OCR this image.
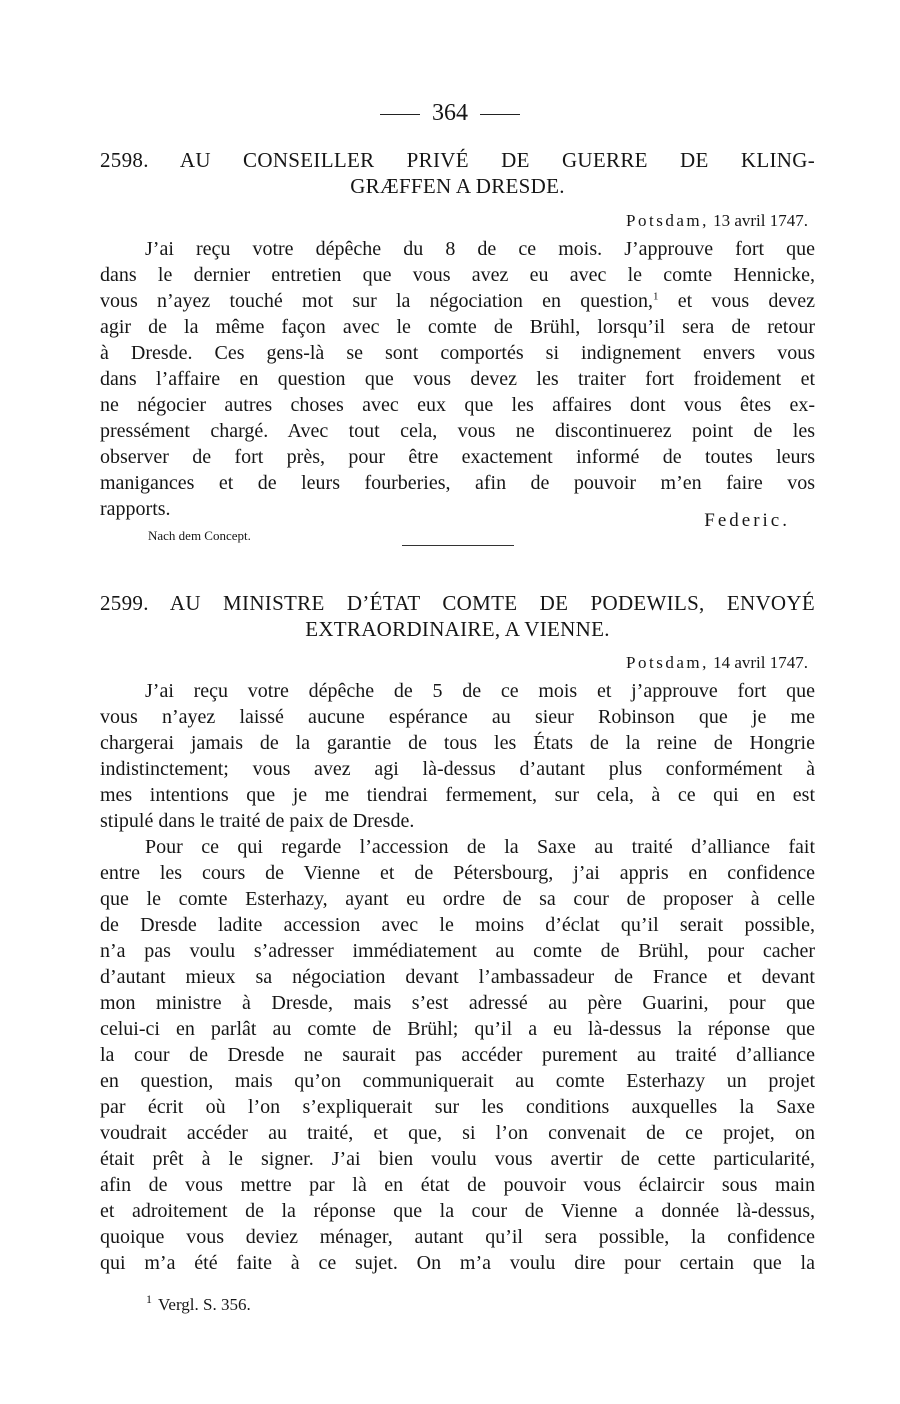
364
2598. AU CONSEILLER PRIVÉ DE GUERRE DE KLING-
GRÆFFEN A DRESDE.
Potsdam, 13 avril 1747.
J’ai reçu votre dépêche du 8 de ce mois. J’approuve fort que
dans le dernier entretien que vous avez eu avec le comte Hennicke,
vous n’ayez touché mot sur la négociation en question,$^1$ et vous devez
agir de la même façon avec le comte de Brühl, lorsqu’il sera de retour
à Dresde. Ces gens-là se sont comportés si indignement envers vous
dans l’affaire en question que vous devez les traiter fort froidement et
ne négocier autres choses avec eux que les affaires dont vous êtes ex-
pressément chargé. Avec tout cela, vous ne discontinuerez point de les
observer de fort près, pour être exactement informé de toutes leurs
manigances et de leurs fourberies, afin de pouvoir m’en faire vos
rapports.
Federic.
Nach dem Concept.
2599. AU MINISTRE D’ÉTAT COMTE DE PODEWILS, ENVOYÉ
EXTRAORDINAIRE, A VIENNE.
Potsdam, 14 avril 1747.
J’ai reçu votre dépêche de 5 de ce mois et j’approuve fort que
vous n’ayez laissé aucune espérance au sieur Robinson que je me
chargerai jamais de la garantie de tous les États de la reine de Hongrie
indistinctement; vous avez agi là-dessus d’autant plus conformément à
mes intentions que je me tiendrai fermement, sur cela, à ce qui en est
stipulé dans le traité de paix de Dresde.
Pour ce qui regarde l’accession de la Saxe au traité d’alliance fait
entre les cours de Vienne et de Pétersbourg, j’ai appris en confidence
que le comte Esterhazy, ayant eu ordre de sa cour de proposer à celle
de Dresde ladite accession avec le moins d’éclat qu’il serait possible,
n’a pas voulu s’adresser immédiatement au comte de Brühl, pour cacher
d’autant mieux sa négociation devant l’ambassadeur de France et devant
mon ministre à Dresde, mais s’est adressé au père Guarini, pour que
celui-ci en parlât au comte de Brühl; qu’il a eu là-dessus la réponse que
la cour de Dresde ne saurait pas accéder purement au traité d’alliance
en question, mais qu’on communiquerait au comte Esterhazy un projet
par écrit où l’on s’expliquerait sur les conditions auxquelles la Saxe
voudrait accéder au traité, et que, si l’on convenait de ce projet, on
était prêt à le signer. J’ai bien voulu vous avertir de cette particularité,
afin de vous mettre par là en état de pouvoir vous éclaircir sous main
et adroitement de la réponse que la cour de Vienne a donnée là-dessus,
quoique vous deviez ménager, autant qu’il sera possible, la confidence
qui m’a été faite à ce sujet. On m’a voulu dire pour certain que la
$^1$ Vergl. S. 356.
